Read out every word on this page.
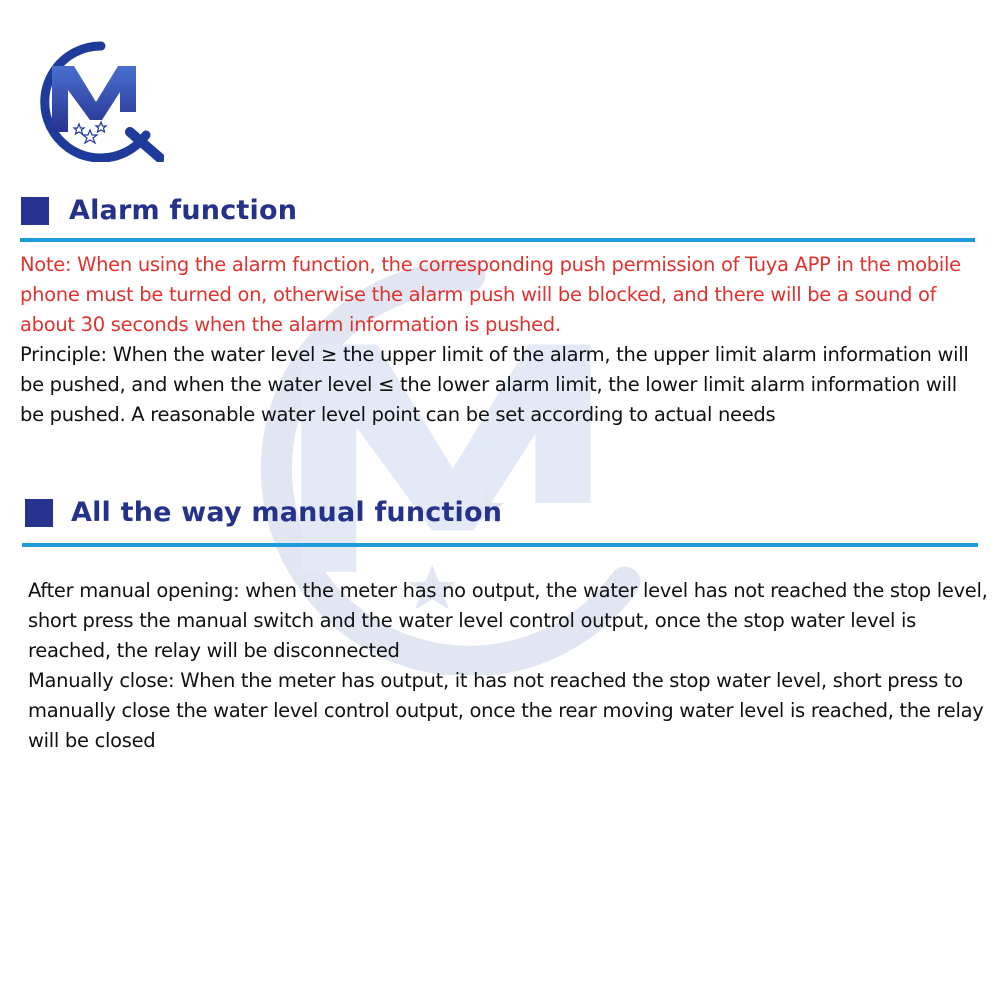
Alarm function
Note: When using the alarm function, the corresponding push permission of Tuya APP in the mobile phone must be turned on, otherwise the alarm push will be blocked, and there will be a sound of about 30 seconds when the alarm information is pushed.
Principle: When the water level ≥ the upper limit of the alarm, the upper limit alarm information will be pushed, and when the water level ≤ the lower alarm limit, the lower limit alarm information will be pushed. A reasonable water level point can be set according to actual needs
All the way manual function
After manual opening: when the meter has no output, the water level has not reached the stop level, short press the manual switch and the water level control output, once the stop water level is reached, the relay will be disconnected
Manually close: When the meter has output, it has not reached the stop water level, short press to manually close the water level control output, once the rear moving water level is reached, the relay will be closed
